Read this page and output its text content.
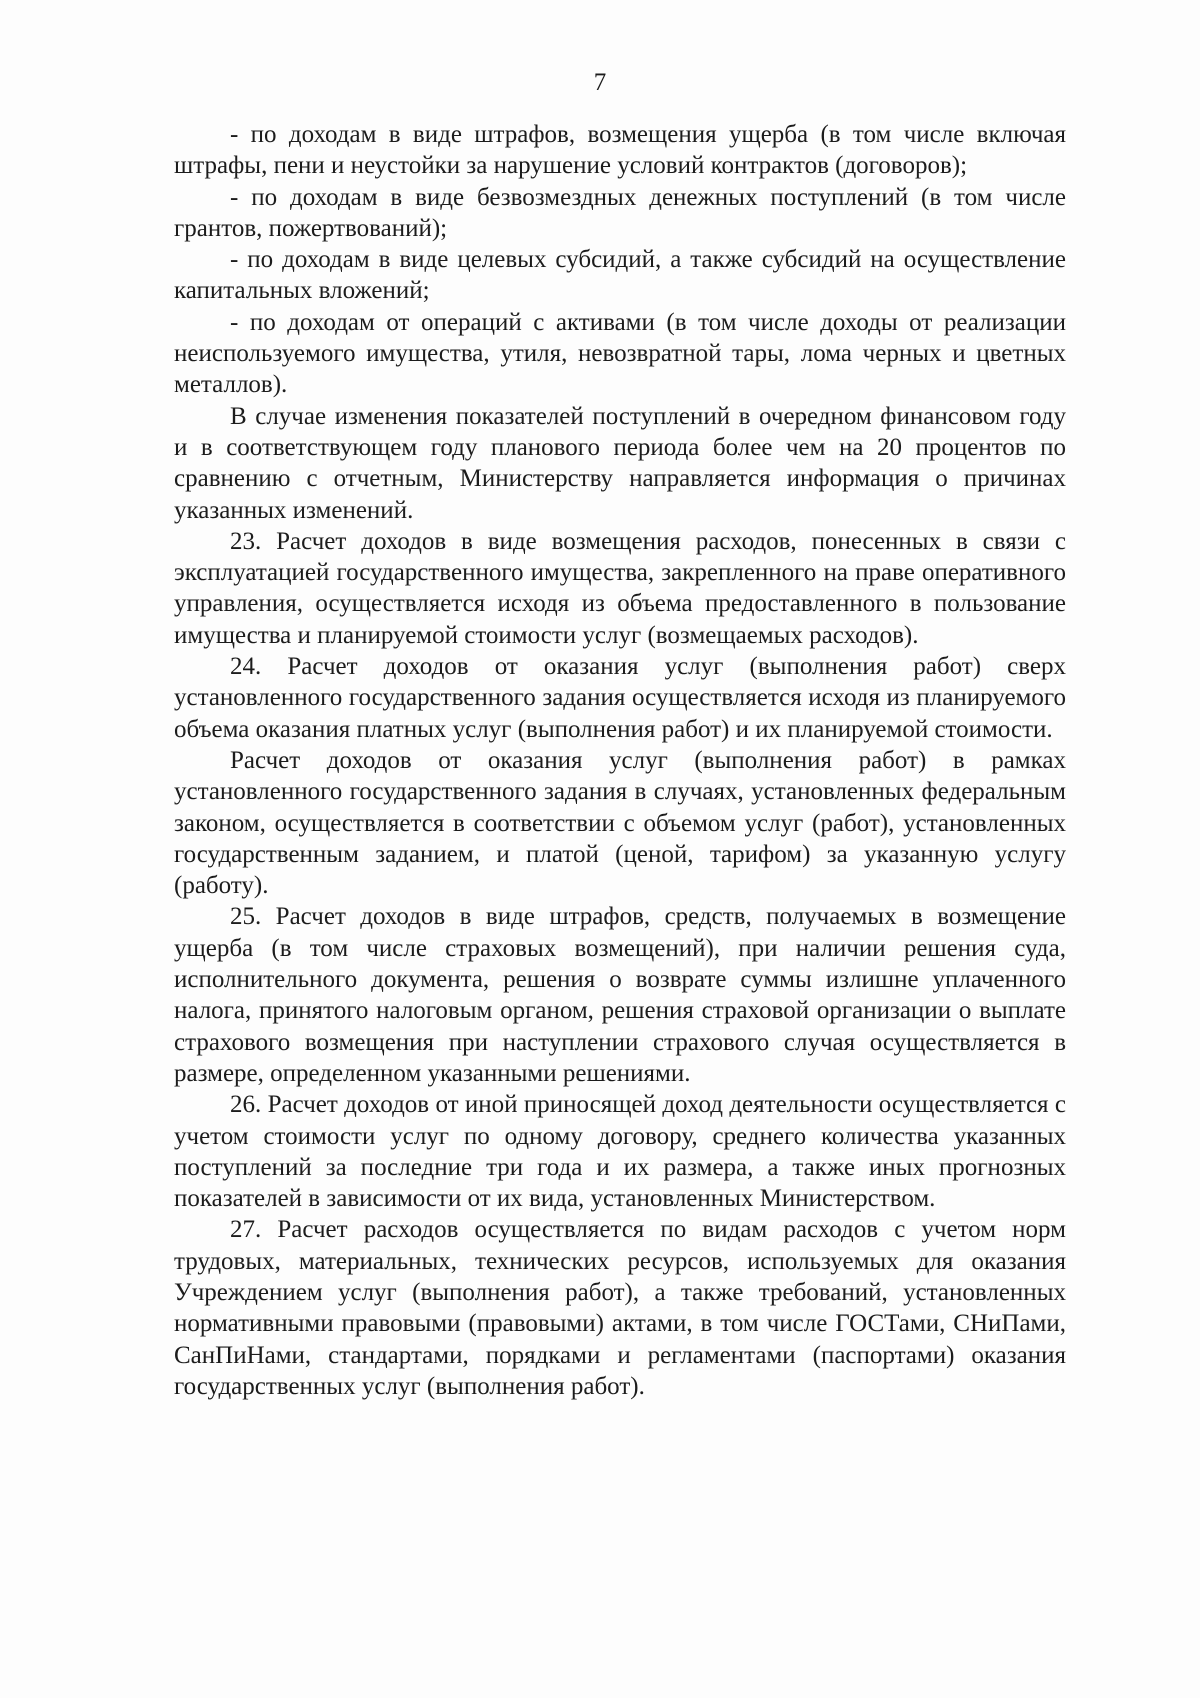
7

- по доходам в виде штрафов, возмещения ущерба (в том числе включая штрафы, пени и неустойки за нарушение условий контрактов (договоров);

- по доходам в виде безвозмездных денежных поступлений (в том числе грантов, пожертвований);

- по доходам в виде целевых субсидий, а также субсидий на осуществление капитальных вложений;

- по доходам от операций с активами (в том числе доходы от реализации неиспользуемого имущества, утиля, невозвратной тары, лома черных и цветных металлов).

В случае изменения показателей поступлений в очередном финансовом году и в соответствующем году планового периода более чем на 20 процентов по сравнению с отчетным, Министерству направляется информация о причинах указанных изменений.

23. Расчет доходов в виде возмещения расходов, понесенных в связи с эксплуатацией государственного имущества, закрепленного на праве оперативного управления, осуществляется исходя из объема предоставленного в пользование имущества и планируемой стоимости услуг (возмещаемых расходов).

24. Расчет доходов от оказания услуг (выполнения работ) сверх установленного государственного задания осуществляется исходя из планируемого объема оказания платных услуг (выполнения работ) и их планируемой стоимости.

Расчет доходов от оказания услуг (выполнения работ) в рамках установленного государственного задания в случаях, установленных федеральным законом, осуществляется в соответствии с объемом услуг (работ), установленных государственным заданием, и платой (ценой, тарифом) за указанную услугу (работу).

25. Расчет доходов в виде штрафов, средств, получаемых в возмещение ущерба (в том числе страховых возмещений), при наличии решения суда, исполнительного документа, решения о возврате суммы излишне уплаченного налога, принятого налоговым органом, решения страховой организации о выплате страхового возмещения при наступлении страхового случая осуществляется в размере, определенном указанными решениями.

26. Расчет доходов от иной приносящей доход деятельности осуществляется с учетом стоимости услуг по одному договору, среднего количества указанных поступлений за последние три года и их размера, а также иных прогнозных показателей в зависимости от их вида, установленных Министерством.

27. Расчет расходов осуществляется по видам расходов с учетом норм трудовых, материальных, технических ресурсов, используемых для оказания Учреждением услуг (выполнения работ), а также требований, установленных нормативными правовыми (правовыми) актами, в том числе ГОСТами, СНиПами, СанПиНами, стандартами, порядками и регламентами (паспортами) оказания государственных услуг (выполнения работ).
